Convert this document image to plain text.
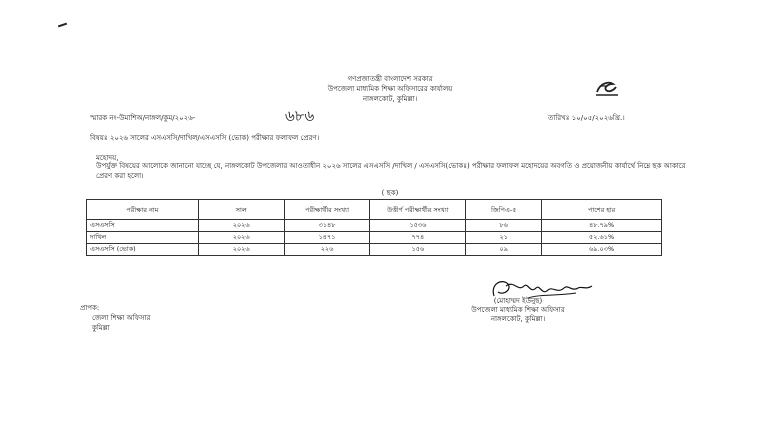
গণপ্রজাতন্ত্রী বাংলাদেশ সরকার
উপজেলা মাধ্যমিক শিক্ষা অফিসারের কার্যালয়
নাঙ্গলকোট, কুমিল্লা।
স্মারক নং-উমাশিঅ/নাঙ্গল/কুম/২০২৬-	৬৮৬	তারিখঃ ১০/০৫/২০২৬খ্রি.।
বিষয়ঃ ২০২৬ সালের এসএসসি/দাখিল/এসএসসি (ভোক) পরীক্ষার ফলাফল প্রেরণ।
মহোদয়,
উপর্যুক্ত বিষয়ের আলোকে জানানো যাচ্ছে যে, নাঙ্গলকোট উপজেলার আওতাধীন ২০২৬ সালের এসএসসি /দাখিল / এসএসসি(ভোকঃ) পরীক্ষার ফলাফল মহোদয়ের অবগতি ও প্রয়োজনীয় কার্যার্থে নিম্নে ছক আকারে প্রেরণ করা হলো।
( ছক)
পরীক্ষার নাম	সাল	পরীক্ষার্থীর সংখ্যা	উত্তীর্ণ পরীক্ষার্থীর সংখ্যা	জিপিএ-৫	পাশের হার
এসএসসি	২০২৬	৩১৪৮	১৫৩৬	৮৬	৪৮.৭৯%
দাখিল	২০২৬	১৪৭১	৭৭৪	২১	৫২.৬১%
এসএসসি (ভোক)	২০২৬	২২৬	১৫৬	০৯	৬৯.০৩%
(মোহাম্মদ ইউনুছ)
উপজেলা মাধ্যমিক শিক্ষা অফিসার
নাঙ্গলকোট, কুমিল্লা।
প্রাপক:
জেলা শিক্ষা অফিসার
কুমিল্লা
